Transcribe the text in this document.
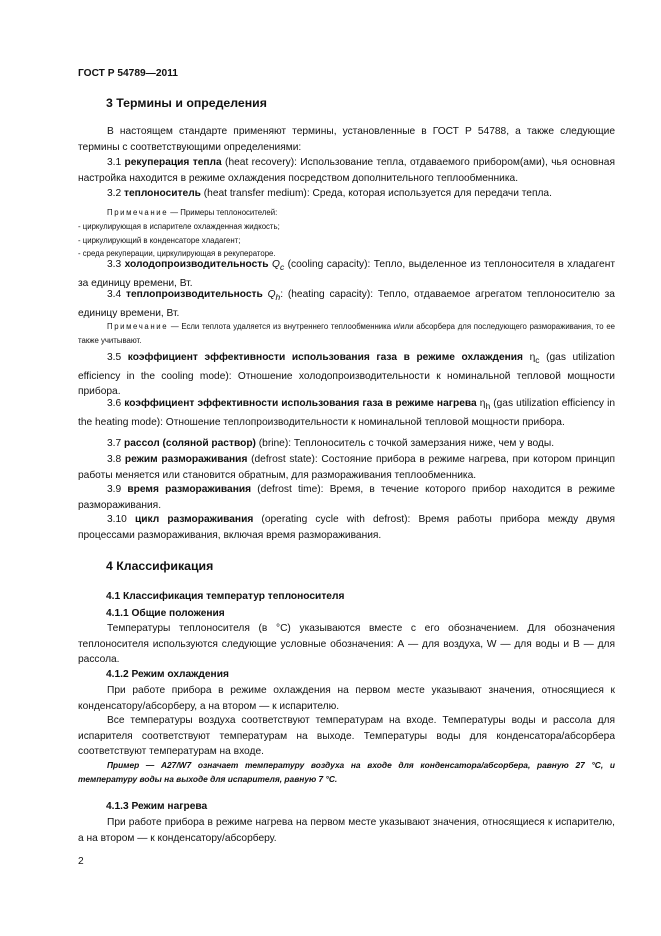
ГОСТ Р 54789—2011
3 Термины и определения

В настоящем стандарте применяют термины, установленные в ГОСТ Р 54788, а также следующие термины с соответствующими определениями:

3.1 рекуперация тепла (heat recovery): Использование тепла, отдаваемого прибором(ами), чья основная настройка находится в режиме охлаждения посредством дополнительного теплообменника.

3.2 теплоноситель (heat transfer medium): Среда, которая используется для передачи тепла.

Примечание — Примеры теплоносителей:
- циркулирующая в испарителе охлажденная жидкость;
- циркулирующий в конденсаторе хладагент;
- среда рекуперации, циркулирующая в рекуператоре.

3.3 холодопроизводительность $Q_c$ (cooling capacity): Тепло, выделенное из теплоносителя в хладагент за единицу времени, Вт.

3.4 теплопроизводительность $Q_h$: (heating capacity): Тепло, отдаваемое агрегатом теплоносителю за единицу времени, Вт.

Примечание — Если теплота удаляется из внутреннего теплообменника и/или абсорбера для последующего размораживания, то ее также учитывают.

3.5 коэффициент эффективности использования газа в режиме охлаждения $\eta_c$ (gas utilization efficiency in the cooling mode): Отношение холодопроизводительности к номинальной тепловой мощности прибора.

3.6 коэффициент эффективности использования газа в режиме нагрева $\eta_h$ (gas utilization efficiency in the heating mode): Отношение теплопроизводительности к номинальной тепловой мощности прибора.

3.7 рассол (соляной раствор) (brine): Теплоноситель с точкой замерзания ниже, чем у воды.

3.8 режим размораживания (defrost state): Состояние прибора в режиме нагрева, при котором принцип работы меняется или становится обратным, для размораживания теплообменника.

3.9 время размораживания (defrost time): Время, в течение которого прибор находится в режиме размораживания.

3.10 цикл размораживания (operating cycle with defrost): Время работы прибора между двумя процессами размораживания, включая время размораживания.

4 Классификация
4.1 Классификация температур теплоносителя
4.1.1 Общие положения

Температуры теплоносителя (в °С) указываются вместе с его обозначением. Для обозначения теплоносителя используются следующие условные обозначения: А — для воздуха, W — для воды и В — для рассола.

4.1.2 Режим охлаждения

При работе прибора в режиме охлаждения на первом месте указывают значения, относящиеся к конденсатору/абсорберу, а на втором — к испарителю.

Все температуры воздуха соответствуют температурам на входе. Температуры воды и рассола для испарителя соответствуют температурам на выходе. Температуры воды для конденсатора/абсорбера соответствуют температурам на входе.

Пример — А27/W7 означает температуру воздуха на входе для конденсатора/абсорбера, равную 27 °С, и температуру воды на выходе для испарителя, равную 7 °С.

4.1.3 Режим нагрева

При работе прибора в режиме нагрева на первом месте указывают значения, относящиеся к испарителю, а на втором — к конденсатору/абсорберу.

2
